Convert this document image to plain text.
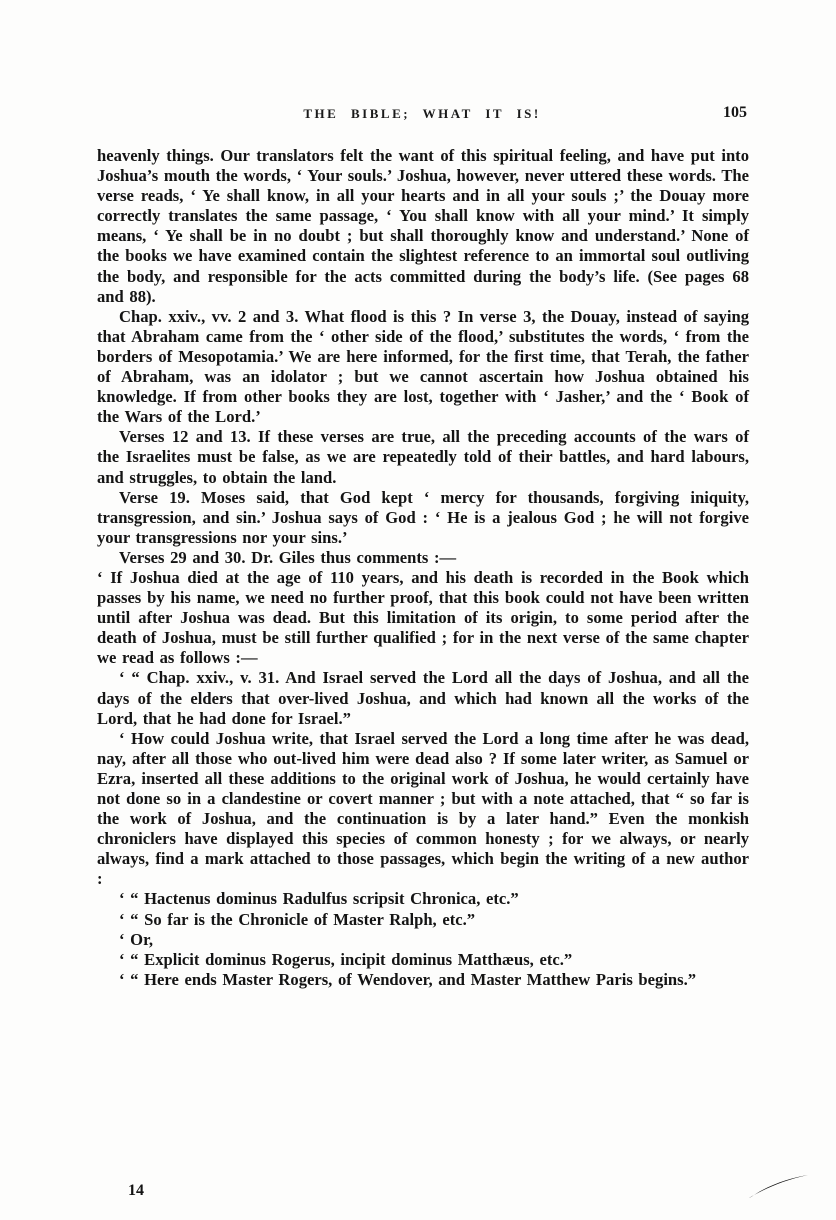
THE BIBLE; WHAT IT IS!	105

heavenly things. Our translators felt the want of this spiritual feeling, and have put into Joshua’s mouth the words, ‘ Your souls.’ Joshua, however, never uttered these words. The verse reads, ‘ Ye shall know, in all your hearts and in all your souls ;’ the Douay more correctly translates the same passage, ‘ You shall know with all your mind.’ It simply means, ‘ Ye shall be in no doubt ; but shall thoroughly know and understand.’ None of the books we have examined contain the slightest reference to an immortal soul outliving the body, and responsible for the acts committed during the body’s life. (See pages 68 and 88).

Chap. xxiv., vv. 2 and 3. What flood is this ? In verse 3, the Douay, instead of saying that Abraham came from the ‘ other side of the flood,’ substitutes the words, ‘ from the borders of Mesopotamia.’ We are here informed, for the first time, that Terah, the father of Abraham, was an idolator ; but we cannot ascertain how Joshua obtained his knowledge. If from other books they are lost, together with ‘ Jasher,’ and the ‘ Book of the Wars of the Lord.’

Verses 12 and 13. If these verses are true, all the preceding accounts of the wars of the Israelites must be false, as we are repeatedly told of their battles, and hard labours, and struggles, to obtain the land.

Verse 19. Moses said, that God kept ‘ mercy for thousands, forgiving iniquity, transgression, and sin.’ Joshua says of God : ‘ He is a jealous God ; he will not forgive your transgressions nor your sins.’

Verses 29 and 30. Dr. Giles thus comments :—

‘ If Joshua died at the age of 110 years, and his death is recorded in the Book which passes by his name, we need no further proof, that this book could not have been written until after Joshua was dead. But this limitation of its origin, to some period after the death of Joshua, must be still further qualified ; for in the next verse of the same chapter we read as follows :—

‘ “ Chap. xxiv., v. 31. And Israel served the Lord all the days of Joshua, and all the days of the elders that over-lived Joshua, and which had known all the works of the Lord, that he had done for Israel.”

‘ How could Joshua write, that Israel served the Lord a long time after he was dead, nay, after all those who out-lived him were dead also ? If some later writer, as Samuel or Ezra, inserted all these additions to the original work of Joshua, he would certainly have not done so in a clandestine or covert manner ; but with a note attached, that “ so far is the work of Joshua, and the continuation is by a later hand.” Even the monkish chroniclers have displayed this species of common honesty ; for we always, or nearly always, find a mark attached to those passages, which begin the writing of a new author :

‘ “ Hactenus dominus Radulfus scripsit Chronica, etc.”

‘ “ So far is the Chronicle of Master Ralph, etc.”

‘ Or,

‘ “ Explicit dominus Rogerus, incipit dominus Matthæus, etc.”

‘ “ Here ends Master Rogers, of Wendover, and Master Matthew Paris begins.”

14
